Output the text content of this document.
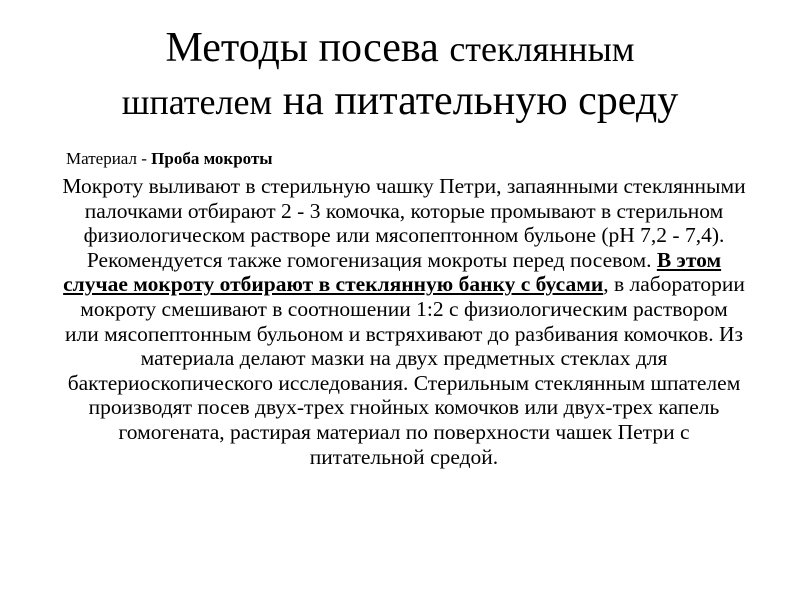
Методы посева стеклянным
шпателем на питательную среду
Материал - Проба мокроты

Мокроту выливают в стерильную чашку Петри, запаянными стеклянными палочками отбирают 2 - 3 комочка, которые промывают в стерильном физиологическом растворе или мясопептонном бульоне (рН 7,2 - 7,4). Рекомендуется также гомогенизация мокроты перед посевом. В этом случае мокроту отбирают в стеклянную банку с бусами, в лаборатории мокроту смешивают в соотношении 1:2 с физиологическим раствором или мясопептонным бульоном и встряхивают до разбивания комочков. Из материала делают мазки на двух предметных стеклах для бактериоскопического исследования. Стерильным стеклянным шпателем производят посев двух-трех гнойных комочков или двух-трех капель гомогената, растирая материал по поверхности чашек Петри с питательной средой.
